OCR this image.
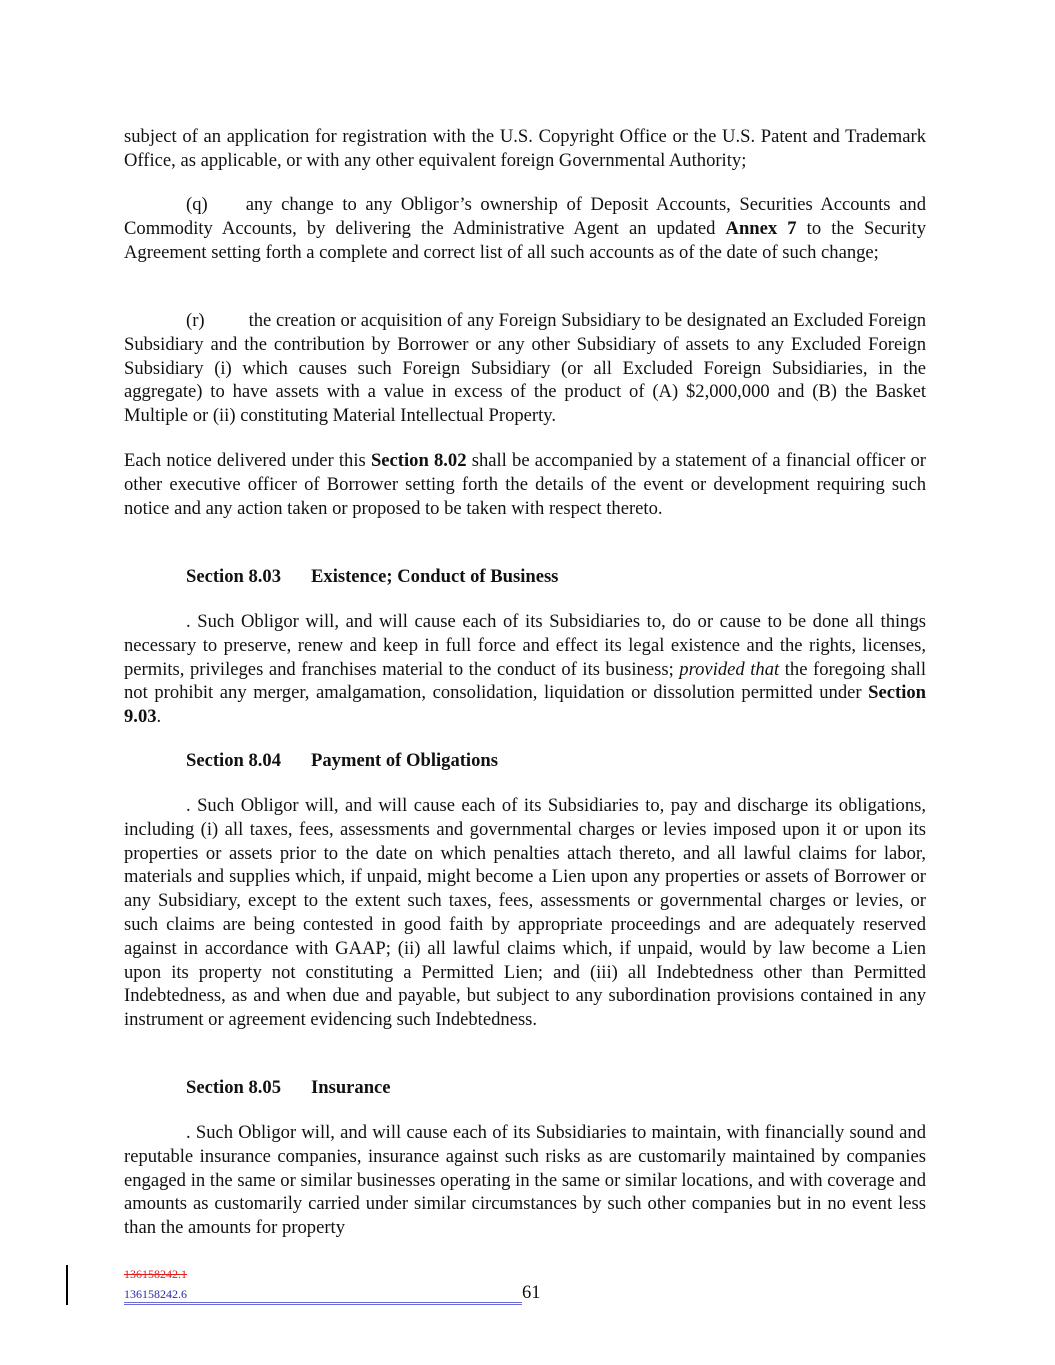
subject of an application for registration with the U.S. Copyright Office or the U.S. Patent and Trademark Office, as applicable, or with any other equivalent foreign Governmental Authority;

(q) any change to any Obligor’s ownership of Deposit Accounts, Securities Accounts and Commodity Accounts, by delivering the Administrative Agent an updated Annex 7 to the Security Agreement setting forth a complete and correct list of all such accounts as of the date of such change;

(r) the creation or acquisition of any Foreign Subsidiary to be designated an Excluded Foreign Subsidiary and the contribution by Borrower or any other Subsidiary of assets to any Excluded Foreign Subsidiary (i) which causes such Foreign Subsidiary (or all Excluded Foreign Subsidiaries, in the aggregate) to have assets with a value in excess of the product of (A) $2,000,000 and (B) the Basket Multiple or (ii) constituting Material Intellectual Property.

Each notice delivered under this Section 8.02 shall be accompanied by a statement of a financial officer or other executive officer of Borrower setting forth the details of the event or development requiring such notice and any action taken or proposed to be taken with respect thereto.

Section 8.03 Existence; Conduct of Business

. Such Obligor will, and will cause each of its Subsidiaries to, do or cause to be done all things necessary to preserve, renew and keep in full force and effect its legal existence and the rights, licenses, permits, privileges and franchises material to the conduct of its business; provided that the foregoing shall not prohibit any merger, amalgamation, consolidation, liquidation or dissolution permitted under Section 9.03.

Section 8.04 Payment of Obligations

. Such Obligor will, and will cause each of its Subsidiaries to, pay and discharge its obligations, including (i) all taxes, fees, assessments and governmental charges or levies imposed upon it or upon its properties or assets prior to the date on which penalties attach thereto, and all lawful claims for labor, materials and supplies which, if unpaid, might become a Lien upon any properties or assets of Borrower or any Subsidiary, except to the extent such taxes, fees, assessments or governmental charges or levies, or such claims are being contested in good faith by appropriate proceedings and are adequately reserved against in accordance with GAAP; (ii) all lawful claims which, if unpaid, would by law become a Lien upon its property not constituting a Permitted Lien; and (iii) all Indebtedness other than Permitted Indebtedness, as and when due and payable, but subject to any subordination provisions contained in any instrument or agreement evidencing such Indebtedness.

Section 8.05 Insurance

. Such Obligor will, and will cause each of its Subsidiaries to maintain, with financially sound and reputable insurance companies, insurance against such risks as are customarily maintained by companies engaged in the same or similar businesses operating in the same or similar locations, and with coverage and amounts as customarily carried under similar circumstances by such other companies but in no event less than the amounts for property

136158242.1
136158242.6	61
